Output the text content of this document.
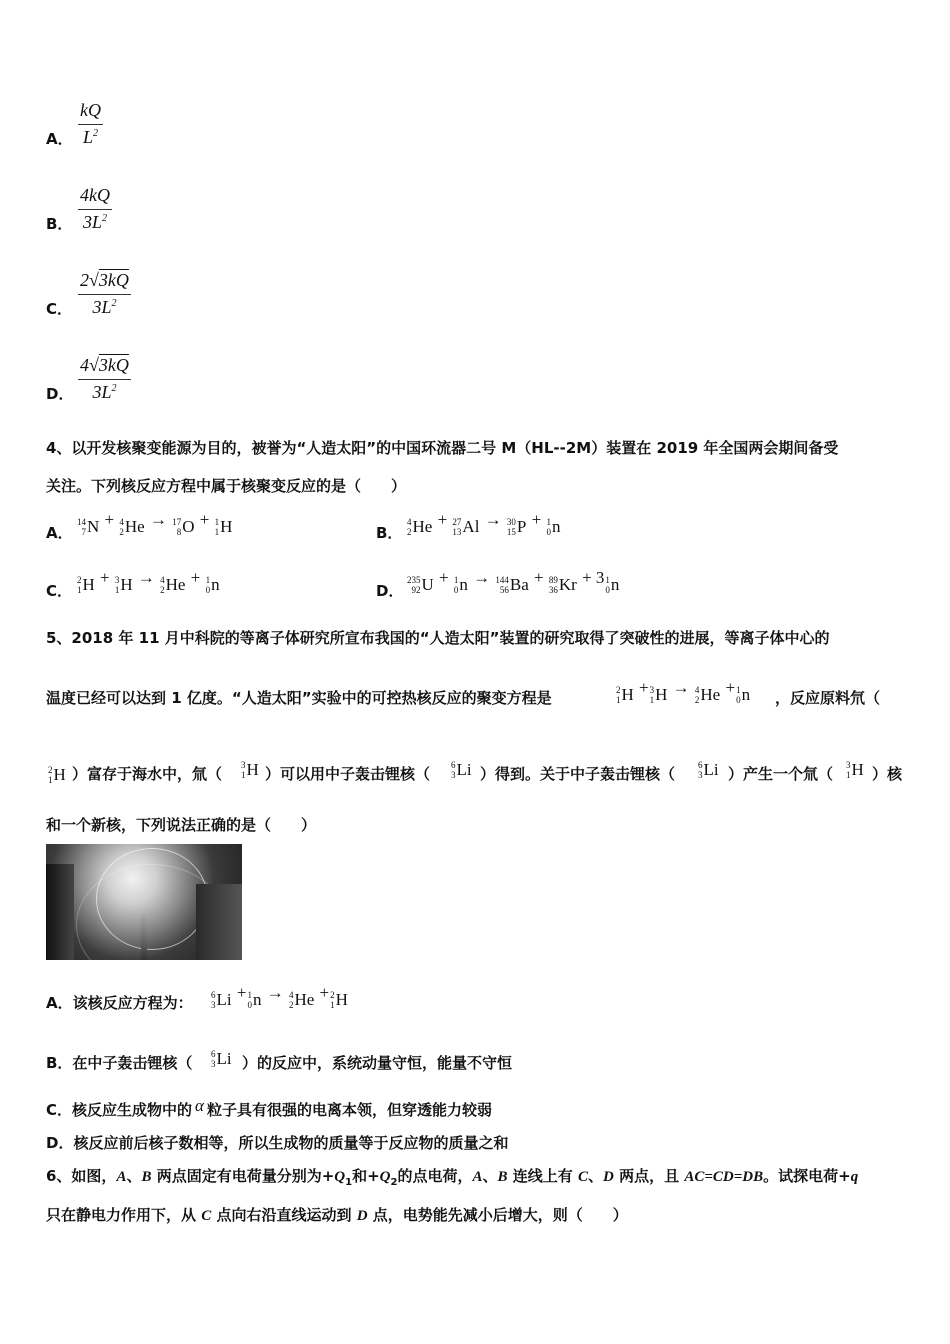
A． $\frac{kQ}{L^2}$
B． $\frac{4kQ}{3L^2}$
C． $\frac{2√3kQ}{3L^2}$
D． $\frac{4√3kQ}{3L^2}$
4、以开发核聚变能源为目的，被誉为“人造太阳”的中国环流器二号 M（HL--2M）装置在 2019 年全国两会期间备受
关注。下列核反应方程中属于核聚变反应的是（　　）
A．
14
7 N + 4
2 He → 17
8 O + 1
1 H	B．
4
2 He + 27
13 Al → 30
15 P + 1
0 n
C．
2
1 H + 3
1 H → 4
2 He + 1
0 n	D．
235
92 U + 1
0 n → 144
56 Ba + 89
36 Kr + 3 1
0 n
5、2018 年 11 月中科院的等离子体研究所宣布我国的“人造太阳”装置的研究取得了突破性的进展，等离子体中心的
温度已经可以达到 1 亿度。“人造太阳”实验中的可控热核反应的聚变方程是	2
1 H + 3
1 H → 4
2 He + 1
0 n ，反应原料氘（
2
1 H ）富存于海水中，氚（ 3
1 H ）可以用中子轰击锂核（ 6
3 Li ）得到。关于中子轰击锂核（	6
3 Li ）产生一个氚（ 3
1 H ）核
和一个新核，下列说法正确的是（　　）
A．该核反应方程为： 6
3 Li + 1
0 n → 4
2 He + 2
1 H
B．在中子轰击锂核（ 6
3 Li ）的反应中，系统动量守恒，能量不守恒
C．核反应生成物中的 α 粒子具有很强的电离本领，但穿透能力较弱
D．核反应前后核子数相等，所以生成物的质量等于反应物的质量之和
6、如图，A、B 两点固定有电荷量分别为$+Q_1$和$+Q_2$的点电荷，A、B 连线上有 C、D 两点，且 AC=CD=DB。试探电荷+q
只在静电力作用下，从 C 点向右沿直线运动到 D 点，电势能先减小后增大，则（　　）
